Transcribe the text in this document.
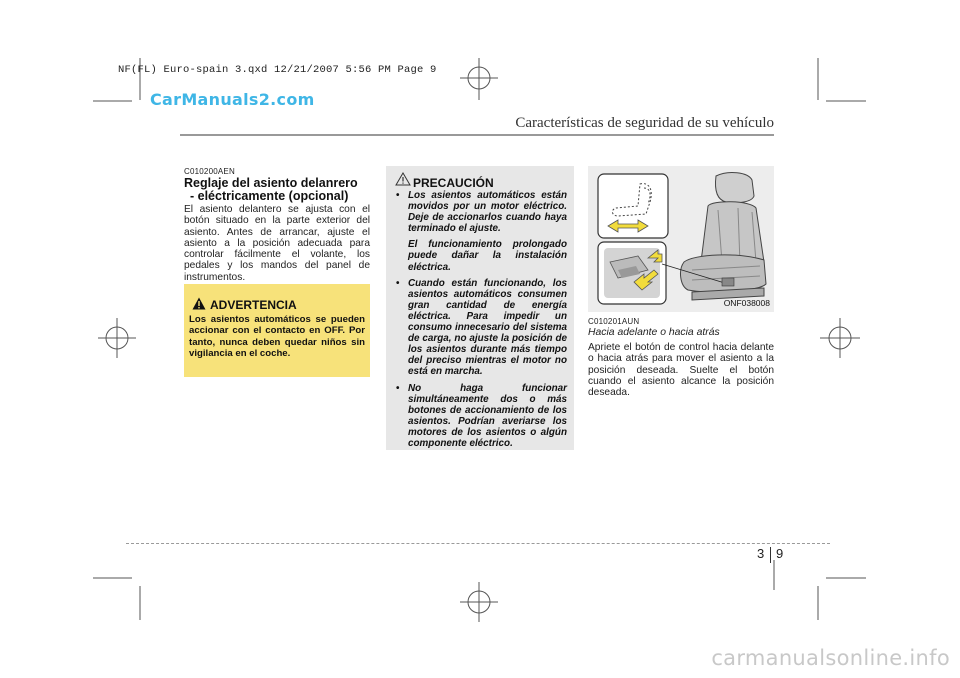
NF(FL) Euro-spain 3.qxd 12/21/2007 5:56 PM Page 9
CarManuals2.com
Características de seguridad de su vehículo
C010200AEN
Reglaje del asiento delanrero
- eléctricamente (opcional)
El asiento delantero se ajusta con el botón situado en la parte exterior del asiento. Antes de arrancar, ajuste el asiento a la posición adecuada para controlar fácilmente el volante, los pedales y los mandos del panel de instrumentos.
ADVERTENCIA
Los asientos automáticos se pueden accionar con el contacto en OFF. Por tanto, nunca deben quedar niños sin vigilancia en el coche.
PRECAUCIÓN
• Los asientos automáticos están movidos por un motor eléctrico. Deje de accionarlos cuando haya terminado el ajuste.
El funcionamiento prolongado puede dañar la instalación eléctrica.
• Cuando están funcionando, los asientos automáticos consumen gran cantidad de energía eléctrica. Para impedir un consumo innecesario del sistema de carga, no ajuste la posición de los asientos durante más tiempo del preciso mientras el motor no está en marcha.
• No haga funcionar simultáneamente dos o más botones de accionamiento de los asientos. Podrían averiarse los motores de los asientos o algún componente eléctrico.
ONF038008
C010201AUN
Hacia adelante o hacia atrás
Apriete el botón de control hacia delante o hacia atrás para mover el asiento a la posición deseada. Suelte el botón cuando el asiento alcance la posición deseada.
3 9
carmanualsonline.info
